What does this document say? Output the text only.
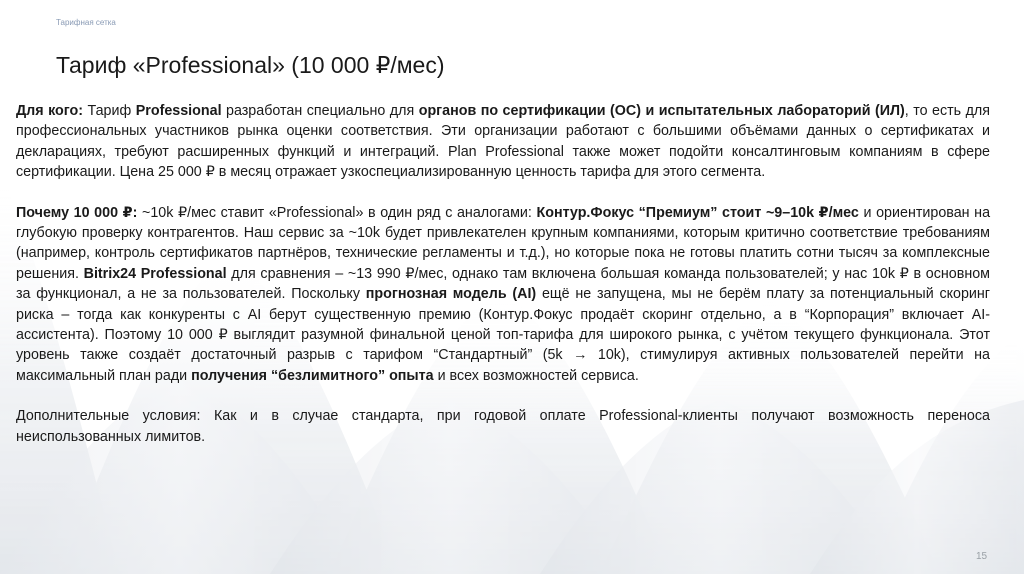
Тарифная сетка
Тариф «Professional» (10 000 ₽/мес)

Для кого: Тариф Professional разработан специально для органов по сертификации (ОС) и испытательных лабораторий (ИЛ), то есть для профессиональных участников рынка оценки соответствия. Эти организации работают с большими объёмами данных о сертификатах и декларациях, требуют расширенных функций и интеграций. Plan Professional также может подойти консалтинговым компаниям в сфере сертификации. Цена 25 000 ₽ в месяц отражает узкоспециализированную ценность тарифа для этого сегмента.

Почему 10 000 ₽: ~10k ₽/мес ставит «Professional» в один ряд с аналогами: Контур.Фокус “Премиум” стоит ~9–10k ₽/мес и ориентирован на глубокую проверку контрагентов. Наш сервис за ~10k будет привлекателен крупным компаниями, которым критично соответствие требованиям (например, контроль сертификатов партнёров, технические регламенты и т.д.), но которые пока не готовы платить сотни тысяч за комплексные решения. Bitrix24 Professional для сравнения – ~13 990 ₽/мес, однако там включена большая команда пользователей; у нас 10k ₽ в основном за функционал, а не за пользователей. Поскольку прогнозная модель (AI) ещё не запущена, мы не берём плату за потенциальный скоринг риска – тогда как конкуренты с AI берут существенную премию (Контур.Фокус продаёт скоринг отдельно, а в “Корпорация” включает AI-ассистента). Поэтому 10 000 ₽ выглядит разумной финальной ценой топ-тарифа для широкого рынка, с учётом текущего функционала. Этот уровень также создаёт достаточный разрыв с тарифом “Стандартный” (5k → 10k), стимулируя активных пользователей перейти на максимальный план ради получения “безлимитного” опыта и всех возможностей сервиса.

Дополнительные условия: Как и в случае стандарта, при годовой оплате Professional-клиенты получают возможность переноса неиспользованных лимитов.

15
